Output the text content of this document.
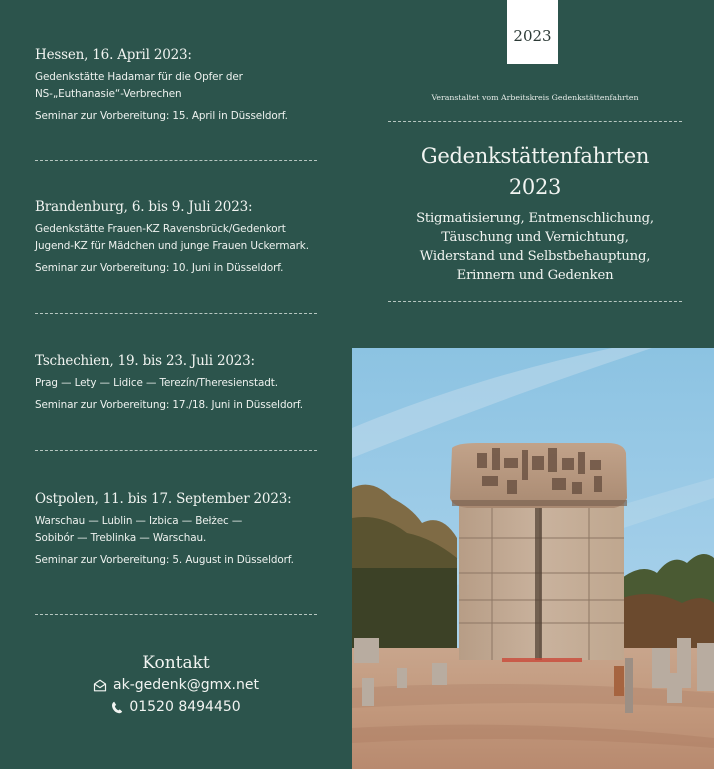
Hessen, 16. April 2023:
Gedenkstätte Hadamar für die Opfer der
NS-„Euthanasie“-Verbrechen
Seminar zur Vorbereitung: 15. April in Düsseldorf.
Brandenburg, 6. bis 9. Juli 2023:
Gedenkstätte Frauen-KZ Ravensbrück/Gedenkort
Jugend-KZ für Mädchen und junge Frauen Uckermark.
Seminar zur Vorbereitung: 10. Juni in Düsseldorf.
Tschechien, 19. bis 23. Juli 2023:
Prag — Lety — Lidice — Terezín/Theresienstadt.
Seminar zur Vorbereitung: 17./18. Juni in Düsseldorf.
Ostpolen, 11. bis 17. September 2023:
Warschau — Lublin — Izbica — Bełżec —
Sobibór — Treblinka — Warschau.
Seminar zur Vorbereitung: 5. August in Düsseldorf.
Kontakt
ak-gedenk@gmx.net
01520 8494450
2023
Veranstaltet vom Arbeitskreis Gedenkstättenfahrten
Gedenkstättenfahrten
2023
Stigmatisierung, Entmenschlichung,
Täuschung und Vernichtung,
Widerstand und Selbstbehauptung,
Erinnern und Gedenken
